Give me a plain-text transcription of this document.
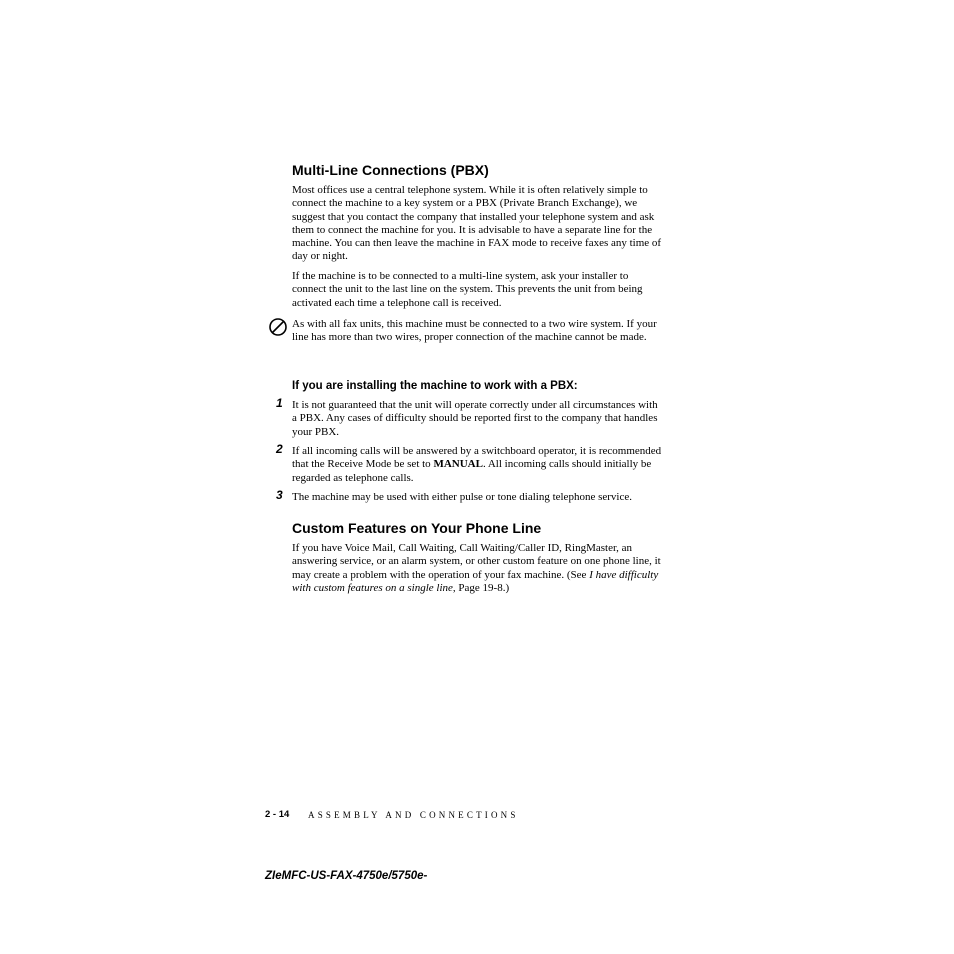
Multi-Line Connections (PBX)

Most offices use a central telephone system. While it is often relatively simple to connect the machine to a key system or a PBX (Private Branch Exchange), we suggest that you contact the company that installed your telephone system and ask them to connect the machine for you. It is advisable to have a separate line for the machine. You can then leave the machine in FAX mode to receive faxes any time of day or night.

If the machine is to be connected to a multi-line system, ask your installer to connect the unit to the last line on the system. This prevents the unit from being activated each time a telephone call is received.

As with all fax units, this machine must be connected to a two wire system. If your line has more than two wires, proper connection of the machine cannot be made.

If you are installing the machine to work with a PBX:
1 It is not guaranteed that the unit will operate correctly under all circumstances with a PBX. Any cases of difficulty should be reported first to the company that handles your PBX.

2 If all incoming calls will be answered by a switchboard operator, it is recommended that the Receive Mode be set to MANUAL. All incoming calls should initially be regarded as telephone calls.

3 The machine may be used with either pulse or tone dialing telephone service.

Custom Features on Your Phone Line

If you have Voice Mail, Call Waiting, Call Waiting/Caller ID, RingMaster, an answering service, or an alarm system, or other custom feature on one phone line, it may create a problem with the operation of your fax machine. (See I have difficulty with custom features on a single line, Page 19-8.)

2 - 14 ASSEMBLY AND CONNECTIONS
ZIeMFC-US-FAX-4750e/5750e-
